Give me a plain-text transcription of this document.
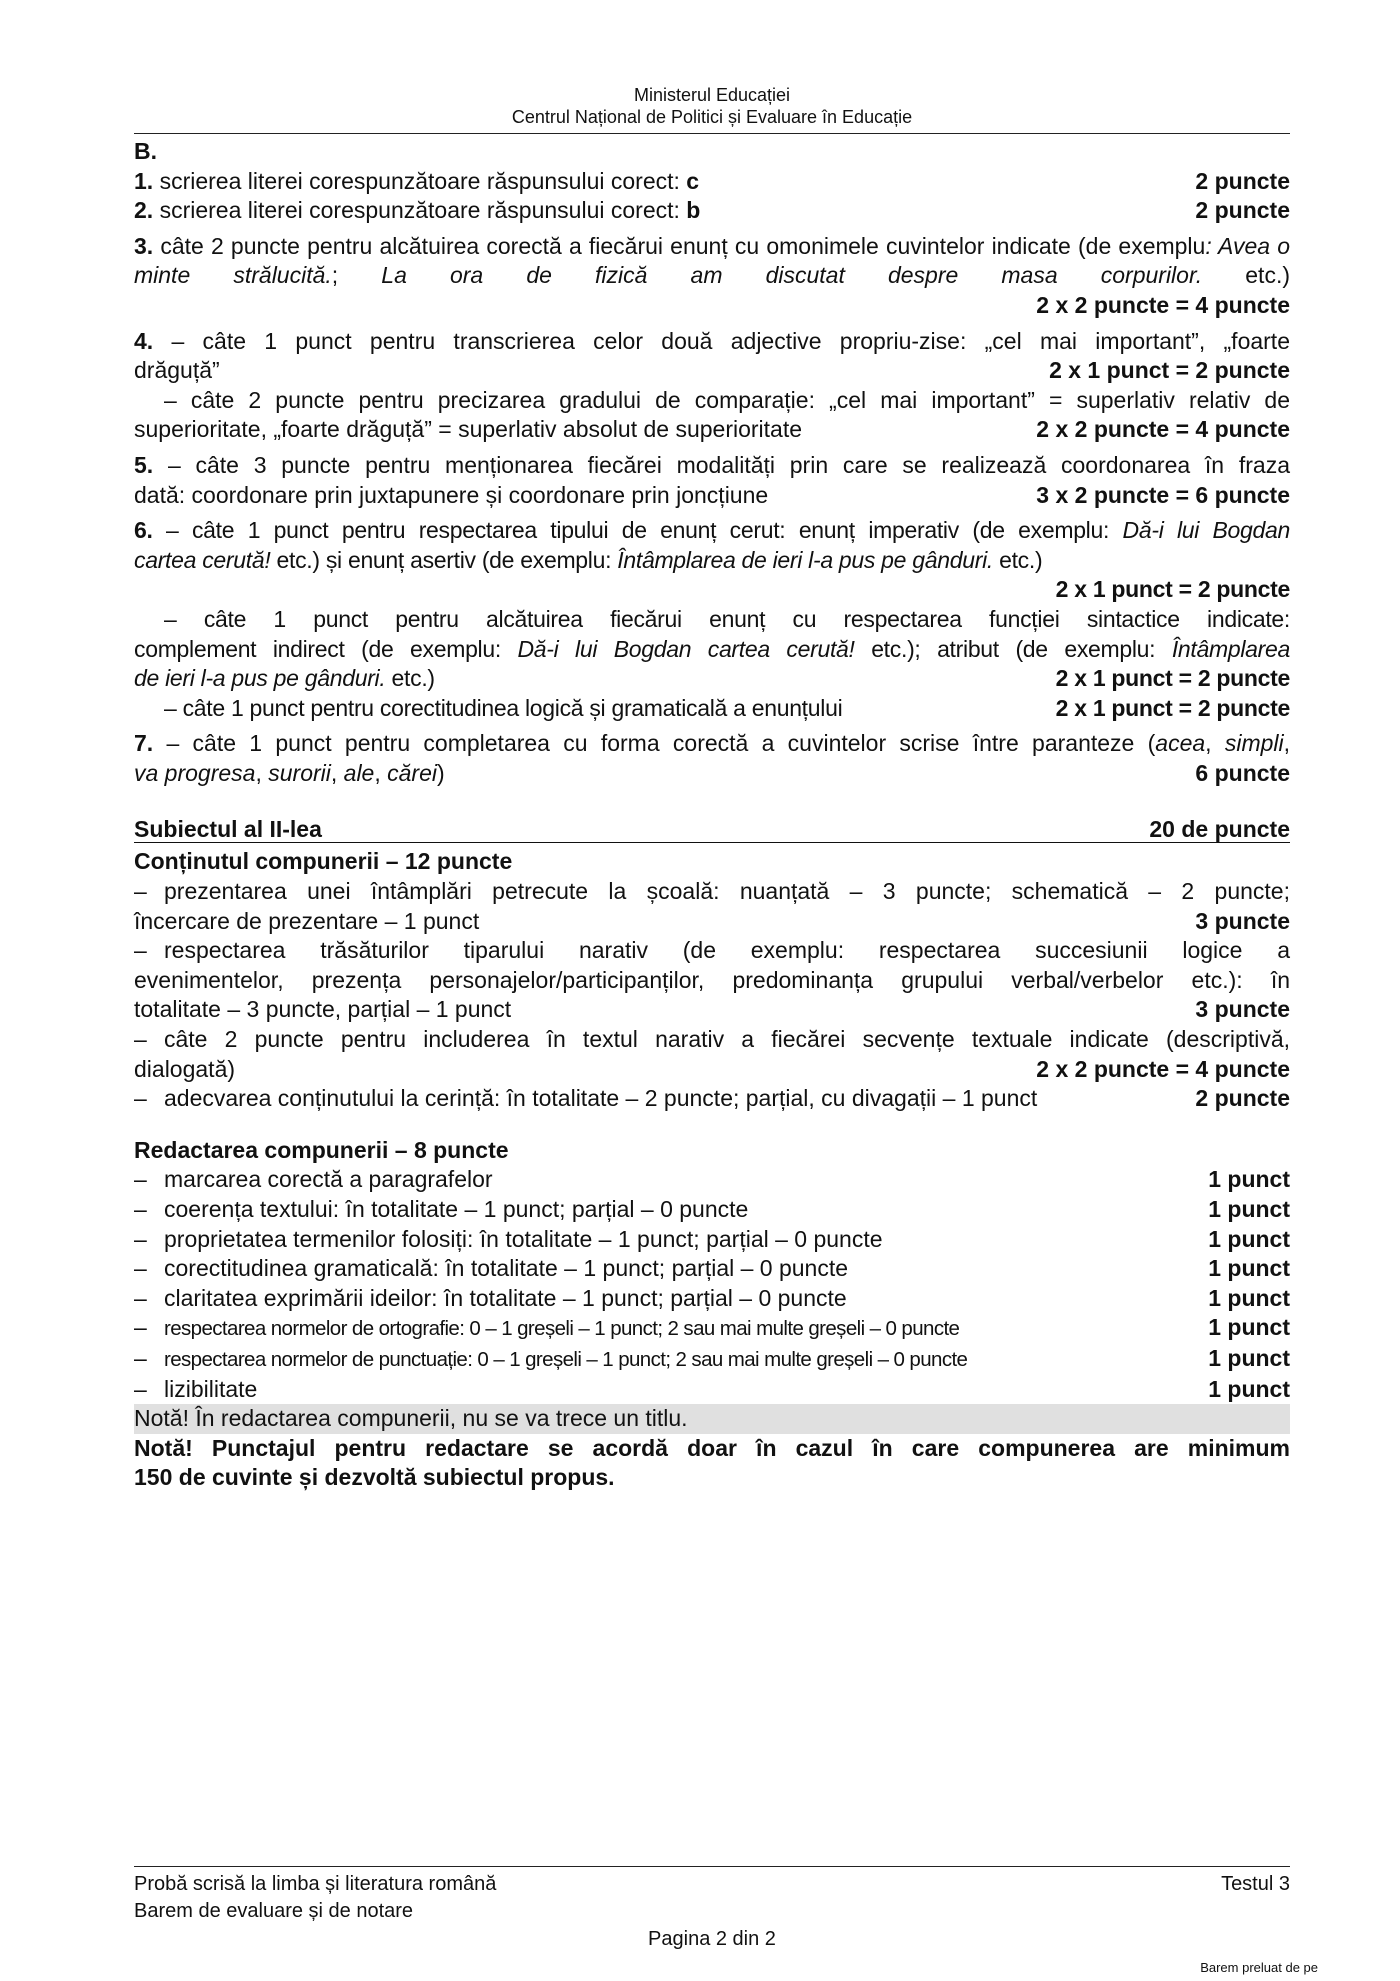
Ministerul Educației
Centrul Național de Politici și Evaluare în Educație
B.
1. scrierea literei corespunzătoare răspunsului corect: c	2 puncte
2. scrierea literei corespunzătoare răspunsului corect: b	2 puncte
3. câte 2 puncte pentru alcătuirea corectă a fiecărui enunț cu omonimele cuvintelor indicate (de exemplu: Avea o minte strălucită.; La ora de fizică am discutat despre masa corpurilor. etc.)
2 x 2 puncte = 4 puncte
4. – câte 1 punct pentru transcrierea celor două adjective propriu-zise: „cel mai important”, „foarte
drăguță”	2 x 1 punct = 2 puncte
– câte 2 puncte pentru precizarea gradului de comparație: „cel mai important” = superlativ relativ de
superioritate, „foarte drăguță” = superlativ absolut de superioritate	2 x 2 puncte = 4 puncte
5. – câte 3 puncte pentru menționarea fiecărei modalități prin care se realizează coordonarea în fraza
dată: coordonare prin juxtapunere și coordonare prin joncțiune	3 x 2 puncte = 6 puncte
6. – câte 1 punct pentru respectarea tipului de enunț cerut: enunț imperativ (de exemplu: Dă-i lui Bogdan
cartea cerută! etc.) și enunț asertiv (de exemplu: Întâmplarea de ieri l-a pus pe gânduri. etc.)
2 x 1 punct = 2 puncte
– câte 1 punct pentru alcătuirea fiecărui enunț cu respectarea funcției sintactice indicate:
complement indirect (de exemplu: Dă-i lui Bogdan cartea cerută! etc.); atribut (de exemplu: Întâmplarea
de ieri l-a pus pe gânduri. etc.)	2 x 1 punct = 2 puncte
– câte 1 punct pentru corectitudinea logică și gramaticală a enunțului	2 x 1 punct = 2 puncte
7. – câte 1 punct pentru completarea cu forma corectă a cuvintelor scrise între paranteze (acea, simpli,
va progresa, surorii, ale, cărei)	6 puncte
Subiectul al II-lea	20 de puncte
Conținutul compunerii – 12 puncte
– prezentarea unei întâmplări petrecute la școală: nuanțată – 3 puncte; schematică – 2 puncte;
încercare de prezentare – 1 punct	3 puncte
– respectarea trăsăturilor tiparului narativ (de exemplu: respectarea succesiunii logice a
evenimentelor, prezența personajelor/participanților, predominanța grupului verbal/verbelor etc.): în
totalitate – 3 puncte, parțial – 1 punct	3 puncte
– câte 2 puncte pentru includerea în textul narativ a fiecărei secvențe textuale indicate (descriptivă,
dialogată)	2 x 2 puncte = 4 puncte
– adecvarea conținutului la cerință: în totalitate – 2 puncte; parțial, cu divagații – 1 punct	2 puncte
Redactarea compunerii – 8 puncte
– marcarea corectă a paragrafelor	1 punct
– coerența textului: în totalitate – 1 punct; parțial – 0 puncte	1 punct
– proprietatea termenilor folosiți: în totalitate – 1 punct; parțial – 0 puncte	1 punct
– corectitudinea gramaticală: în totalitate – 1 punct; parțial – 0 puncte	1 punct
– claritatea exprimării ideilor: în totalitate – 1 punct; parțial – 0 puncte	1 punct
– respectarea normelor de ortografie: 0 – 1 greșeli – 1 punct; 2 sau mai multe greșeli – 0 puncte	1 punct
– respectarea normelor de punctuație: 0 – 1 greșeli – 1 punct; 2 sau mai multe greșeli – 0 puncte	1 punct
– lizibilitate	1 punct
Notă! În redactarea compunerii, nu se va trece un titlu.
Notă! Punctajul pentru redactare se acordă doar în cazul în care compunerea are minimum
150 de cuvinte și dezvoltă subiectul propus.
Probă scrisă la limba și literatura română	Testul 3
Barem de evaluare și de notare
Pagina 2 din 2
Barem preluat de pe
